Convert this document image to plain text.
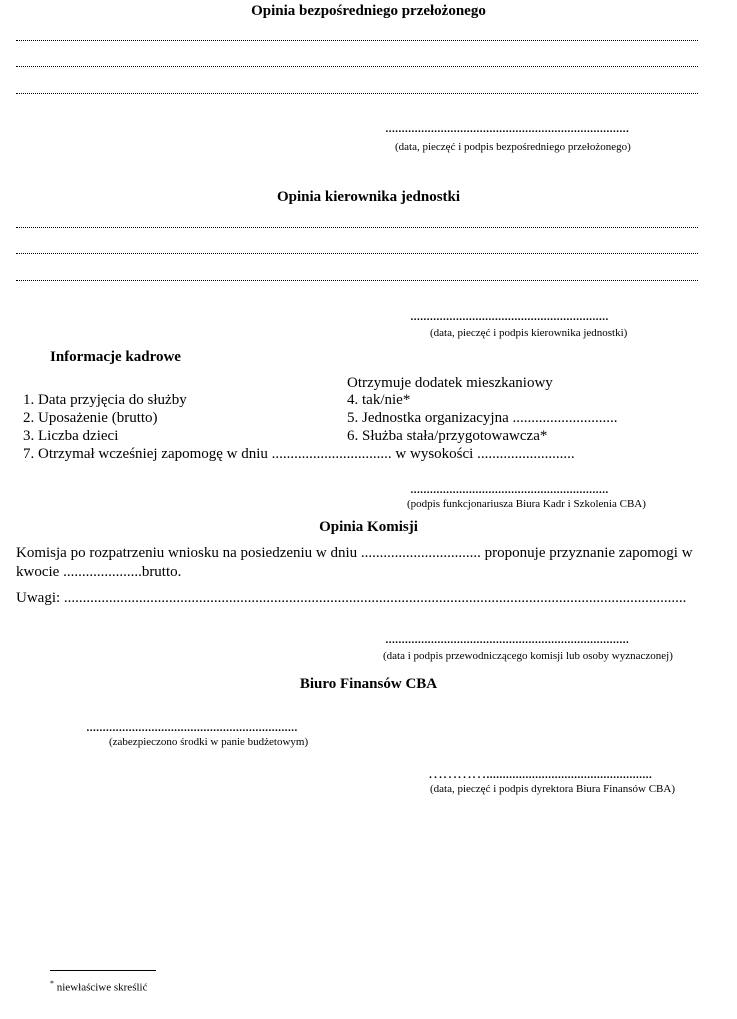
Opinia bezpośredniego przełożonego
...........................................................................
(data, pieczęć i podpis bezpośredniego przełożonego)
Opinia kierownika jednostki
.............................................................
(data, pieczęć i podpis kierownika jednostki)
Informacje kadrowe
Otrzymuje dodatek mieszkaniowy
1. Data przyjęcia do służby	4. tak/nie*
2. Uposażenie (brutto)	5. Jednostka organizacyjna ............................
3. Liczba dzieci	6. Służba stała/przygotowawcza*
7. Otrzymał wcześniej zapomogę w dniu ................................ w wysokości ..........................
.............................................................
(podpis funkcjonariusza Biura Kadr i Szkolenia CBA)
Opinia Komisji
Komisja po rozpatrzeniu wniosku na posiedzeniu w dniu ................................ proponuje przyznanie zapomogi w
kwocie .....................brutto.
Uwagi: ......................................................................................................................................................................
...........................................................................
(data i podpis przewodniczącego komisji lub osoby wyznaczonej)
Biuro Finansów CBA
.................................................................
(zabezpieczono środki w panie budżetowym)
…………...................................................
(data, pieczęć i podpis dyrektora Biura Finansów CBA)
* niewłaściwe skreślić
